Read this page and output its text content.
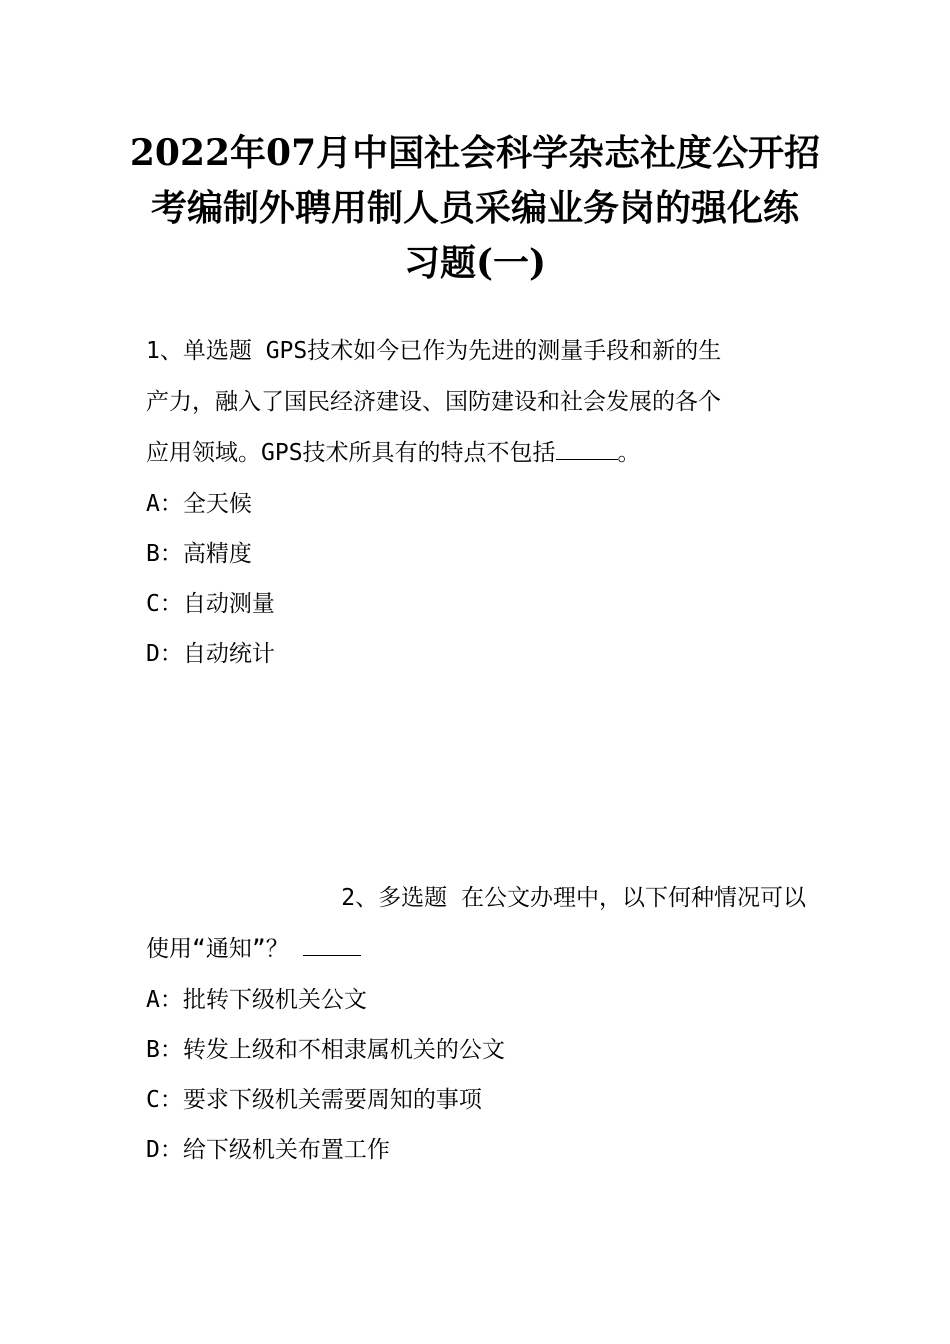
2022年07月中国社会科学杂志社度公开招
考编制外聘用制人员采编业务岗的强化练
习题(一)
1、单选题 GPS技术如今已作为先进的测量手段和新的生
产力，融入了国民经济建设、国防建设和社会发展的各个
应用领域。GPS技术所具有的特点不包括	。
A：全天候
B：高精度
C：自动测量
D：自动统计
2、多选题 在公文办理中，以下何种情况可以
使用“通知”？
A：批转下级机关公文
B：转发上级和不相隶属机关的公文
C：要求下级机关需要周知的事项
D：给下级机关布置工作
